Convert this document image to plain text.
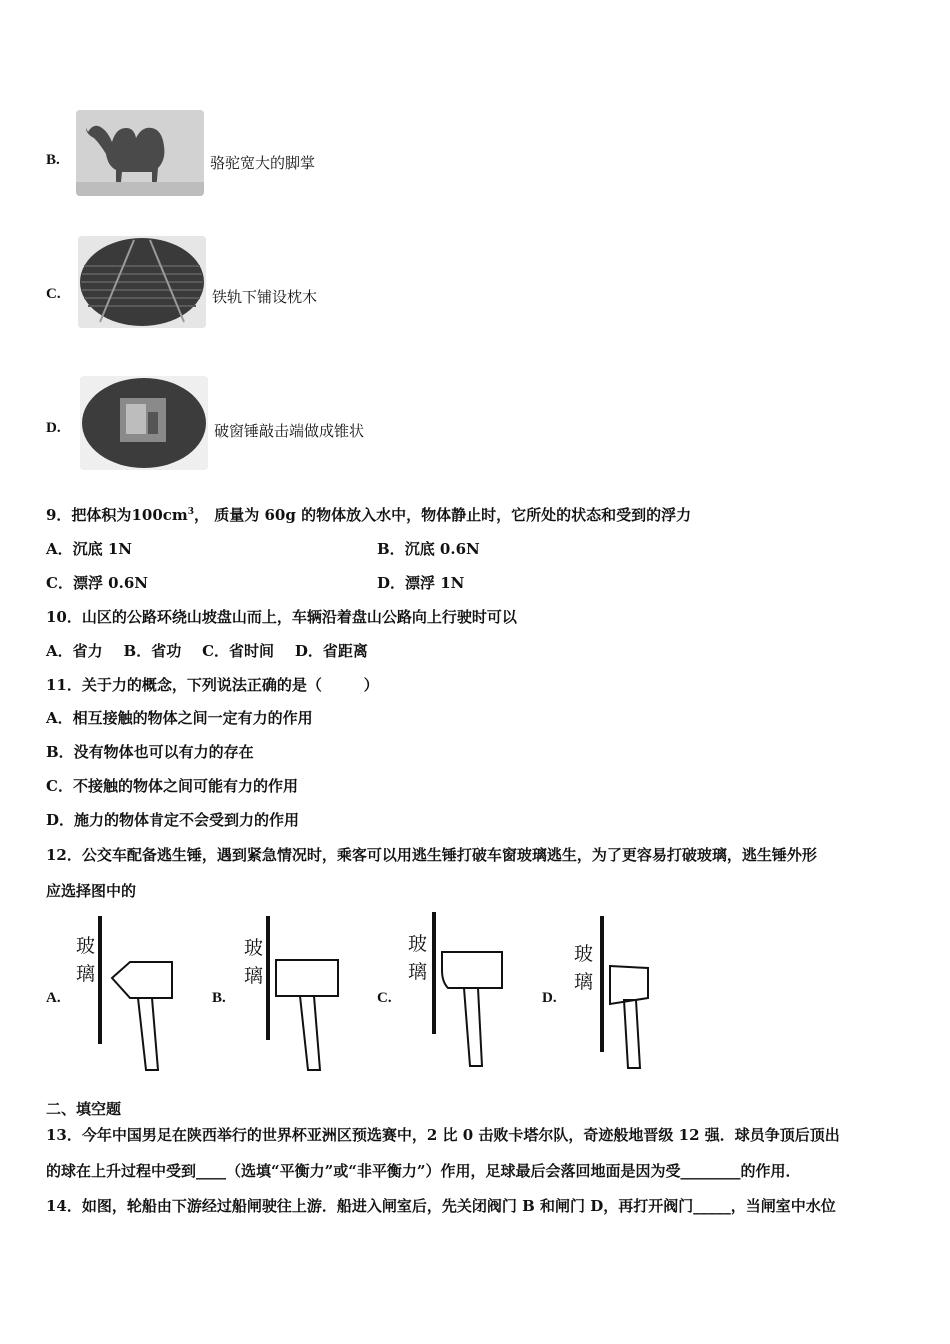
B.	骆驼宽大的脚掌
C.	铁轨下铺设枕木
D.	破窗锤敲击端做成锥状
9．把体积为$100cm^3$， 质量为 60g 的物体放入水中，物体静止时，它所处的状态和受到的浮力
A．沉底 1N	B．沉底 0.6N
C．漂浮 0.6N	D．漂浮 1N
10．山区的公路环绕山坡盘山而上，车辆沿着盘山公路向上行驶时可以
A．省力    B．省功    C．省时间    D．省距离
11．关于力的概念，下列说法正确的是（        ）
A．相互接触的物体之间一定有力的作用
B．没有物体也可以有力的存在
C．不接触的物体之间可能有力的作用
D．施力的物体肯定不会受到力的作用
12．公交车配备逃生锤，遇到紧急情况时，乘客可以用逃生锤打破车窗玻璃逃生，为了更容易打破玻璃，逃生锤外形
应选择图中的
A.
玻璃
B.
玻璃
C.
玻璃
D.
玻璃
二、填空题
13．今年中国男足在陕西举行的世界杯亚洲区预选赛中，2 比 0 击败卡塔尔队，奇迹般地晋级 12 强．球员争顶后顶出
的球在上升过程中受到____（选填“平衡力”或“非平衡力”）作用，足球最后会落回地面是因为受________的作用．
14．如图，轮船由下游经过船闸驶往上游．船进入闸室后，先关闭阀门 B 和闸门 D，再打开阀门_____，当闸室中水位
